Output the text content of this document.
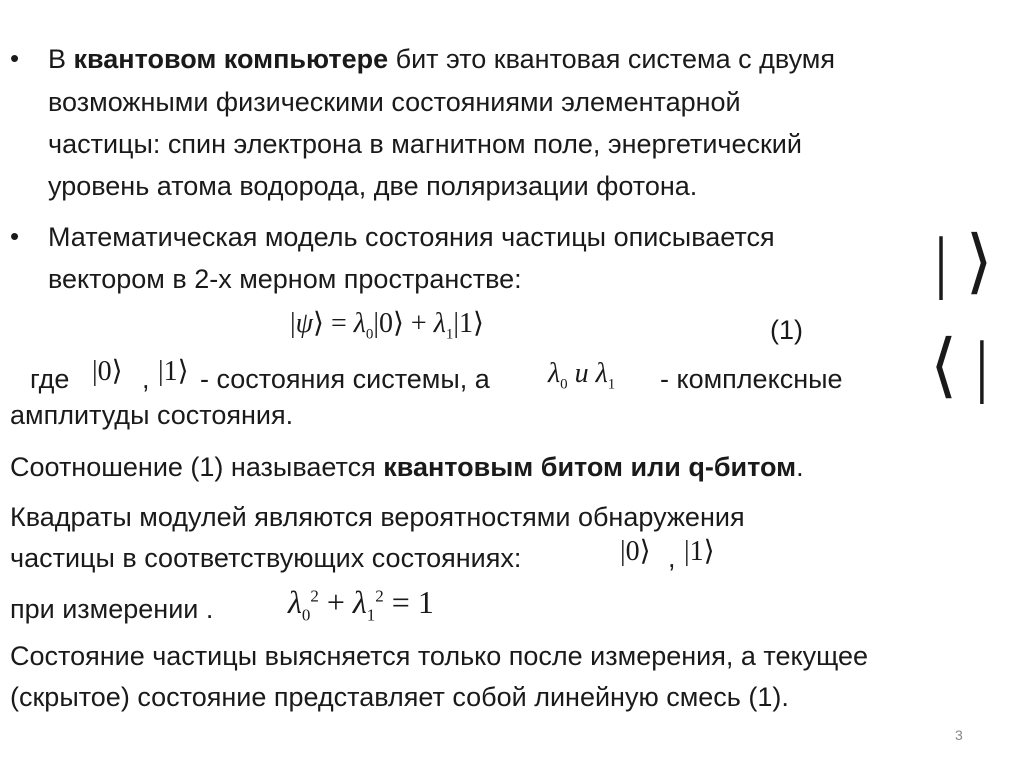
• В квантовом компьютере бит это квантовая система с двумя
возможными физическими состояниями элементарной
частицы: спин электрона в магнитном поле, энергетический
уровень атома водорода, две поляризации фотона.
• Математическая модель состояния частицы описывается
вектором в 2-х мерном пространстве:
|ψ⟩ = $\lambda_0|0⟩$ + $\lambda_1|1⟩$	(1)
где |0⟩ , |1⟩ - состояния системы, а $\lambda_0$ и $\lambda_1$ - комплексные
амплитуды состояния.
Соотношение (1) называется квантовым битом или q-битом.
Квадраты модулей являются вероятностями обнаружения
частицы в соответствующих состояниях:	|0⟩ , |1⟩
при измерении . $\lambda_0^2 + \lambda_1^2 = 1$
Состояние частицы выясняется только после измерения, а текущее
(скрытое) состояние представляет собой линейную смесь (1).
| ⟩
⟨ |
3
